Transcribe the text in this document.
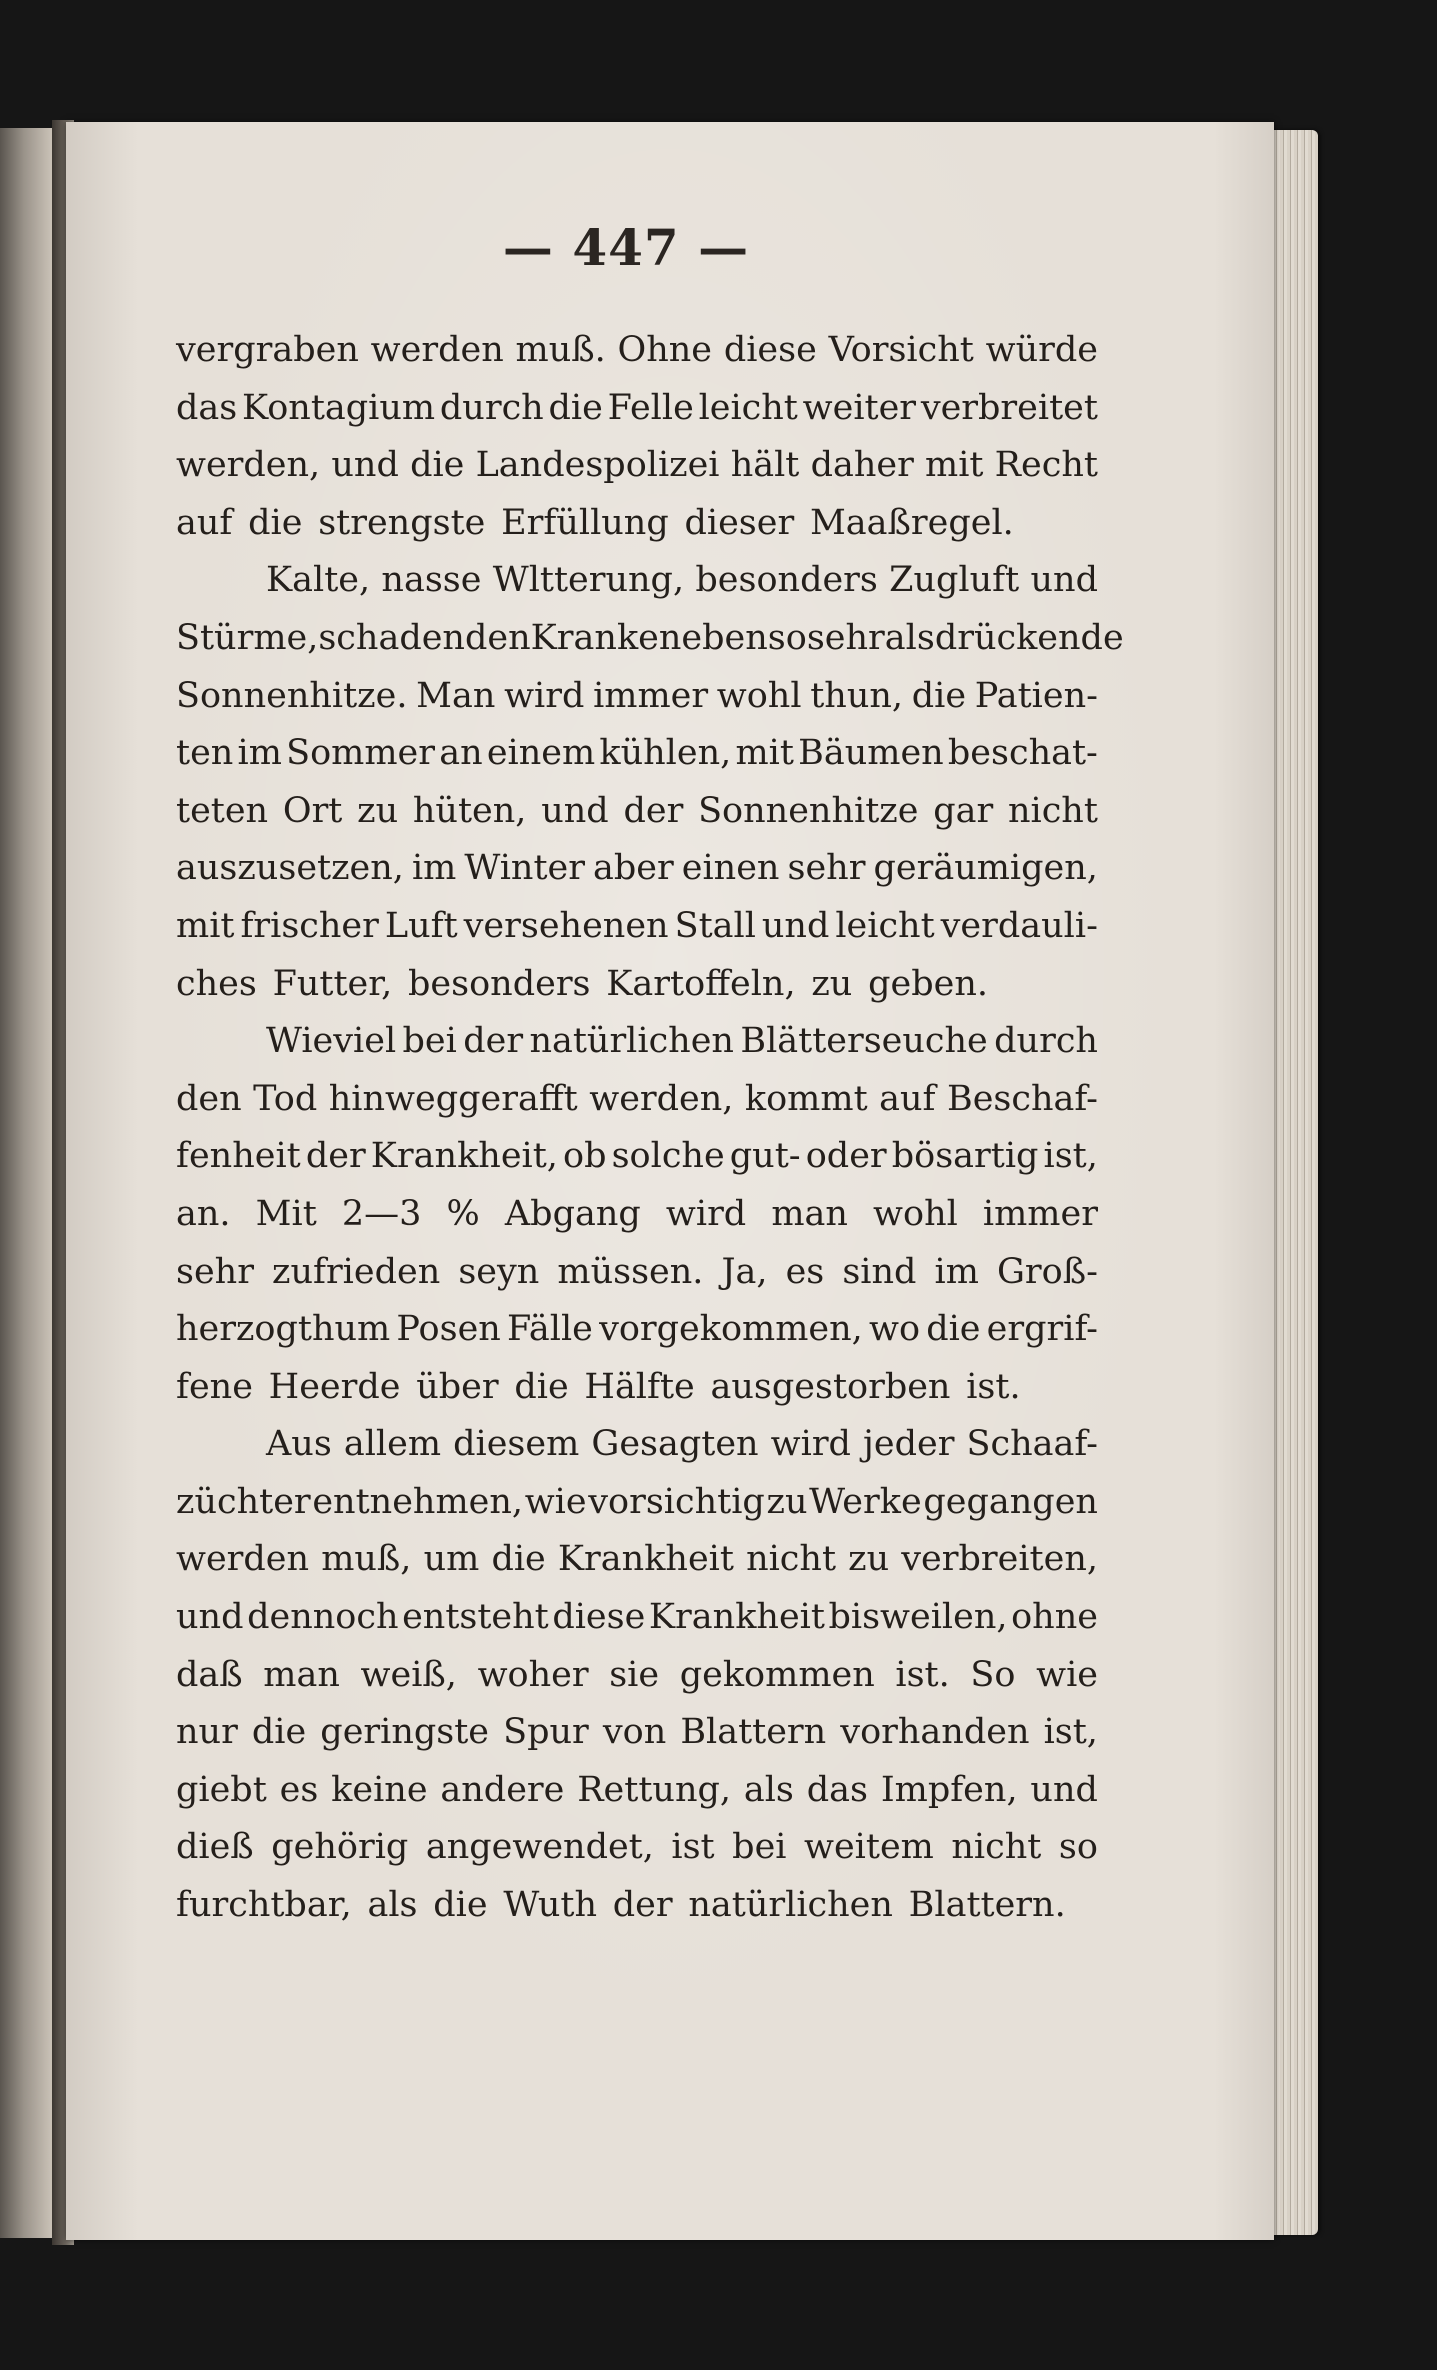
— 447 —
vergraben werden muß. Ohne diese Vorsicht würde
das Kontagium durch die Felle leicht weiter verbreitet
werden, und die Landespolizei hält daher mit Recht
auf die strengste Erfüllung dieser Maaßregel.
Kalte, nasse Wltterung, besonders Zugluft und
Stürme, schaden den Kranken eben so sehr als drückende
Sonnenhitze. Man wird immer wohl thun, die Patien-
ten im Sommer an einem kühlen, mit Bäumen beschat-
teten Ort zu hüten, und der Sonnenhitze gar nicht
auszusetzen, im Winter aber einen sehr geräumigen,
mit frischer Luft versehenen Stall und leicht verdauli-
ches Futter, besonders Kartoffeln, zu geben.
Wieviel bei der natürlichen Blätterseuche durch
den Tod hinweggerafft werden, kommt auf Beschaf-
fenheit der Krankheit, ob solche gut- oder bösartig ist,
an. Mit 2—3 % Abgang wird man wohl immer
sehr zufrieden seyn müssen. Ja, es sind im Groß-
herzogthum Posen Fälle vorgekommen, wo die ergrif-
fene Heerde über die Hälfte ausgestorben ist.
Aus allem diesem Gesagten wird jeder Schaaf-
züchter entnehmen, wie vorsichtig zu Werke gegangen
werden muß, um die Krankheit nicht zu verbreiten,
und dennoch entsteht diese Krankheit bisweilen, ohne
daß man weiß, woher sie gekommen ist. So wie
nur die geringste Spur von Blattern vorhanden ist,
giebt es keine andere Rettung, als das Impfen, und
dieß gehörig angewendet, ist bei weitem nicht so
furchtbar, als die Wuth der natürlichen Blattern.
